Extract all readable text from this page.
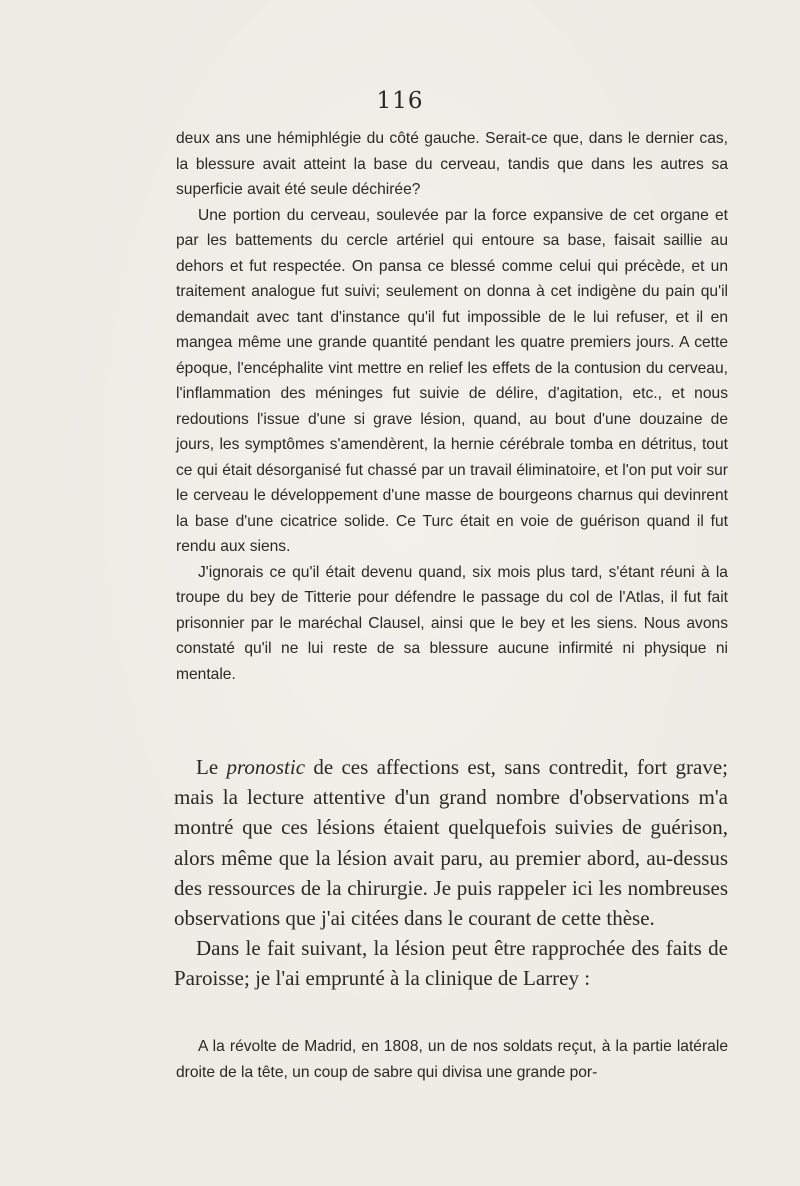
116

deux ans une hémiphlégie du côté gauche. Serait-ce que, dans le dernier cas, la blessure avait atteint la base du cerveau, tandis que dans les autres sa superficie avait été seule déchirée?

Une portion du cerveau, soulevée par la force expansive de cet organe et par les battements du cercle artériel qui entoure sa base, faisait saillie au dehors et fut respectée. On pansa ce blessé comme celui qui précède, et un traitement analogue fut suivi; seulement on donna à cet indigène du pain qu'il demandait avec tant d'instance qu'il fut impossible de le lui refuser, et il en mangea même une grande quantité pendant les quatre premiers jours. A cette époque, l'encéphalite vint mettre en relief les effets de la contusion du cerveau, l'inflammation des méninges fut suivie de délire, d'agitation, etc., et nous redoutions l'issue d'une si grave lésion, quand, au bout d'une douzaine de jours, les symptômes s'amendèrent, la hernie cérébrale tomba en détritus, tout ce qui était désorganisé fut chassé par un travail éliminatoire, et l'on put voir sur le cerveau le développement d'une masse de bourgeons charnus qui devinrent la base d'une cicatrice solide. Ce Turc était en voie de guérison quand il fut rendu aux siens.

J'ignorais ce qu'il était devenu quand, six mois plus tard, s'étant réuni à la troupe du bey de Titterie pour défendre le passage du col de l'Atlas, il fut fait prisonnier par le maréchal Clausel, ainsi que le bey et les siens. Nous avons constaté qu'il ne lui reste de sa blessure aucune infirmité ni physique ni mentale.

Le pronostic de ces affections est, sans contredit, fort grave; mais la lecture attentive d'un grand nombre d'observations m'a montré que ces lésions étaient quelquefois suivies de guérison, alors même que la lésion avait paru, au premier abord, au-dessus des ressources de la chirurgie. Je puis rappeler ici les nombreuses observations que j'ai citées dans le courant de cette thèse.

Dans le fait suivant, la lésion peut être rapprochée des faits de Paroisse; je l'ai emprunté à la clinique de Larrey :

A la révolte de Madrid, en 1808, un de nos soldats reçut, à la partie latérale droite de la tête, un coup de sabre qui divisa une grande por-
